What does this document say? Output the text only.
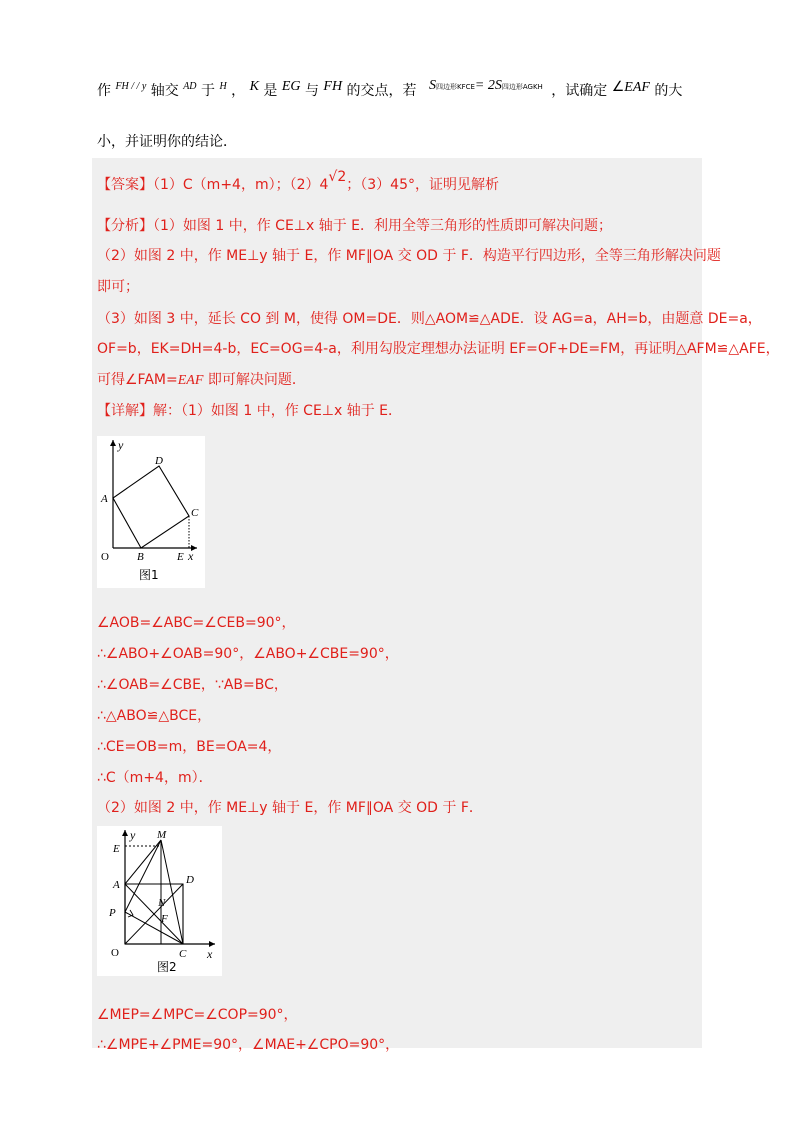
作 $^{FH / / y}$ 轴交 $^{AD}$ 于 $^H$ ， K 是 EG 与 FH 的交点，若 S四边形KFCE= 2S四边形AGKH ，试确定 ∠EAF 的大
小，并证明你的结论．
【答案】（1）C（m+4，m）；（2）4√2；（3）45°，证明见解析
【分析】（1）如图 1 中，作 CE⊥x 轴于 E．利用全等三角形的性质即可解决问题；
（2）如图 2 中，作 ME⊥y 轴于 E，作 MF∥OA 交 OD 于 F．构造平行四边形，全等三角形解决问题
即可；
（3）如图 3 中，延长 CO 到 M，使得 OM=DE．则△AOM≌△ADE．设 AG=a，AH=b，由题意 DE=a，
OF=b，EK=DH=4-b，EC=OG=4-a，利用勾股定理想办法证明 EF=OF+DE=FM，再证明△AFM≌△AFE，
可得∠FAM=EAF 即可解决问题．
【详解】解：（1）如图 1 中，作 CE⊥x 轴于 E．
y
x
O
A
B
C
D
E
图1
∠AOB=∠ABC=∠CEB=90°，
∴∠ABO+∠OAB=90°，∠ABO+∠CBE=90°，
∴∠OAB=∠CBE，∵AB=BC，
∴△ABO≌△BCE，
∴CE=OB=m，BE=OA=4，
∴C（m+4，m）．
（2）如图 2 中，作 ME⊥y 轴于 E，作 MF∥OA 交 OD 于 F．
y
x
O
A
C
D
E
M
N
F
P
图2
∠MEP=∠MPC=∠COP=90°，
∴∠MPE+∠PME=90°，∠MAE+∠CPO=90°，
